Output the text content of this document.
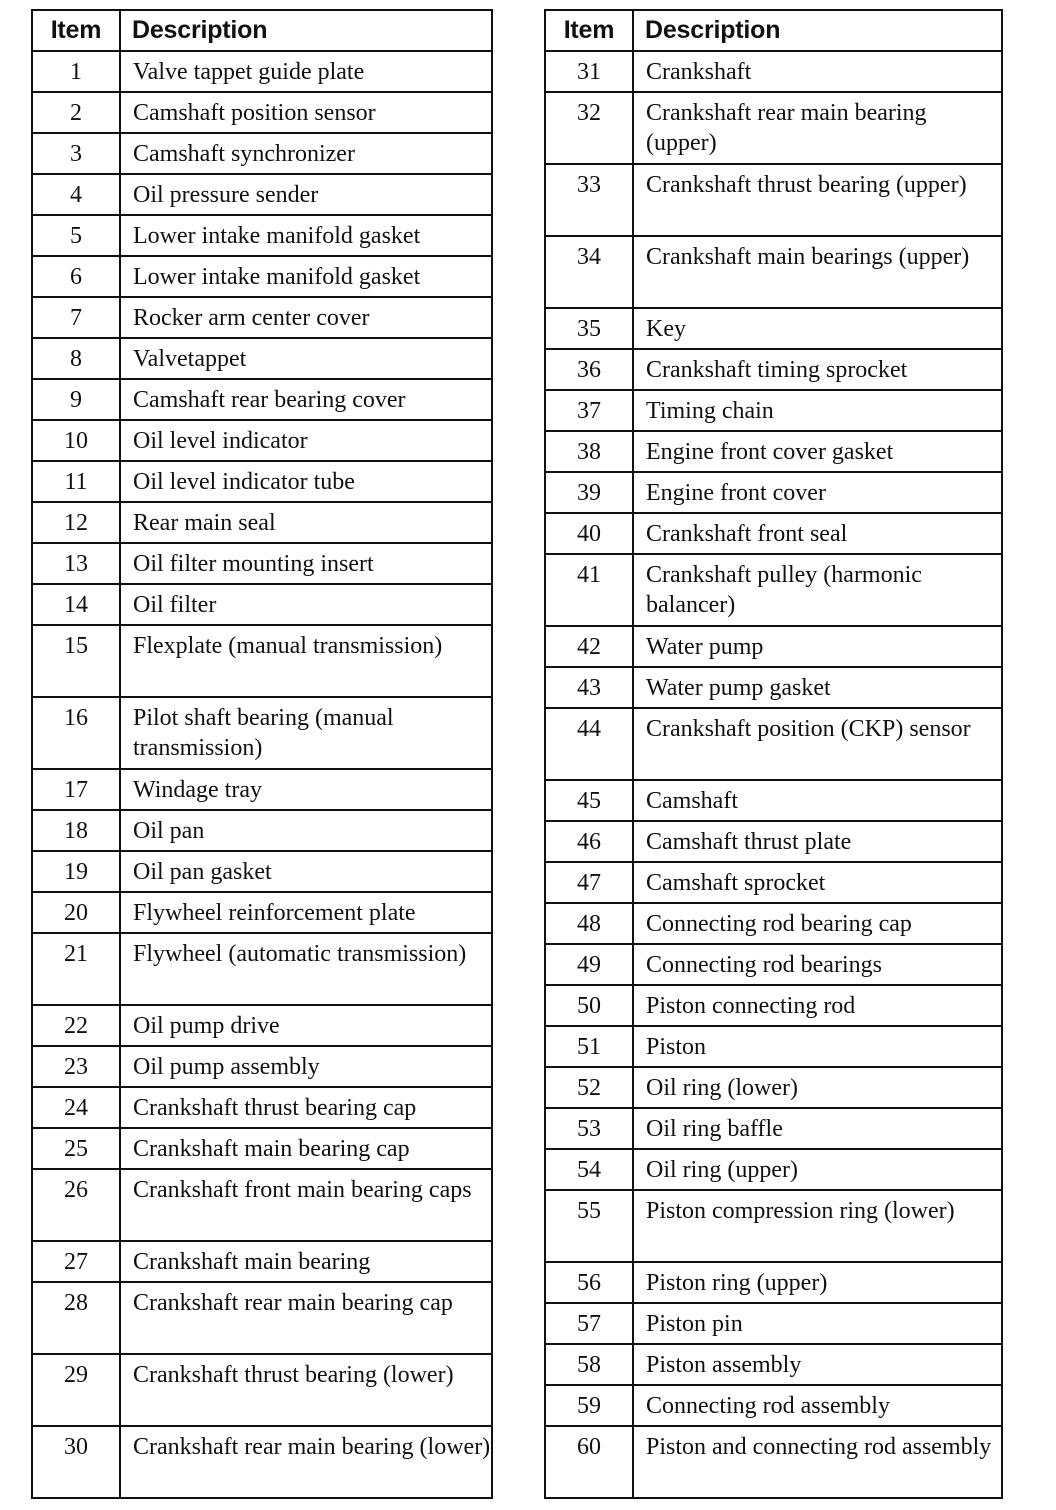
Item	Description
1	Valve tappet guide plate
2	Camshaft position sensor
3	Camshaft synchronizer
4	Oil pressure sender
5	Lower intake manifold gasket
6	Lower intake manifold gasket
7	Rocker arm center cover
8	Valvetappet
9	Camshaft rear bearing cover
10	Oil level indicator
11	Oil level indicator tube
12	Rear main seal
13	Oil filter mounting insert
14	Oil filter
15	Flexplate (manual transmission)
16	Pilot shaft bearing (manual transmission)
17	Windage tray
18	Oil pan
19	Oil pan gasket
20	Flywheel reinforcement plate
21	Flywheel (automatic transmission)
22	Oil pump drive
23	Oil pump assembly
24	Crankshaft thrust bearing cap
25	Crankshaft main bearing cap
26	Crankshaft front main bearing caps
27	Crankshaft main bearing
28	Crankshaft rear main bearing cap
29	Crankshaft thrust bearing (lower)
30	Crankshaft rear main bearing (lower)
Item	Description
31	Crankshaft
32	Crankshaft rear main bearing (upper)
33	Crankshaft thrust bearing (upper)
34	Crankshaft main bearings (upper)
35	Key
36	Crankshaft timing sprocket
37	Timing chain
38	Engine front cover gasket
39	Engine front cover
40	Crankshaft front seal
41	Crankshaft pulley (harmonic balancer)
42	Water pump
43	Water pump gasket
44	Crankshaft position (CKP) sensor
45	Camshaft
46	Camshaft thrust plate
47	Camshaft sprocket
48	Connecting rod bearing cap
49	Connecting rod bearings
50	Piston connecting rod
51	Piston
52	Oil ring (lower)
53	Oil ring baffle
54	Oil ring (upper)
55	Piston compression ring (lower)
56	Piston ring (upper)
57	Piston pin
58	Piston assembly
59	Connecting rod assembly
60	Piston and connecting rod assembly
